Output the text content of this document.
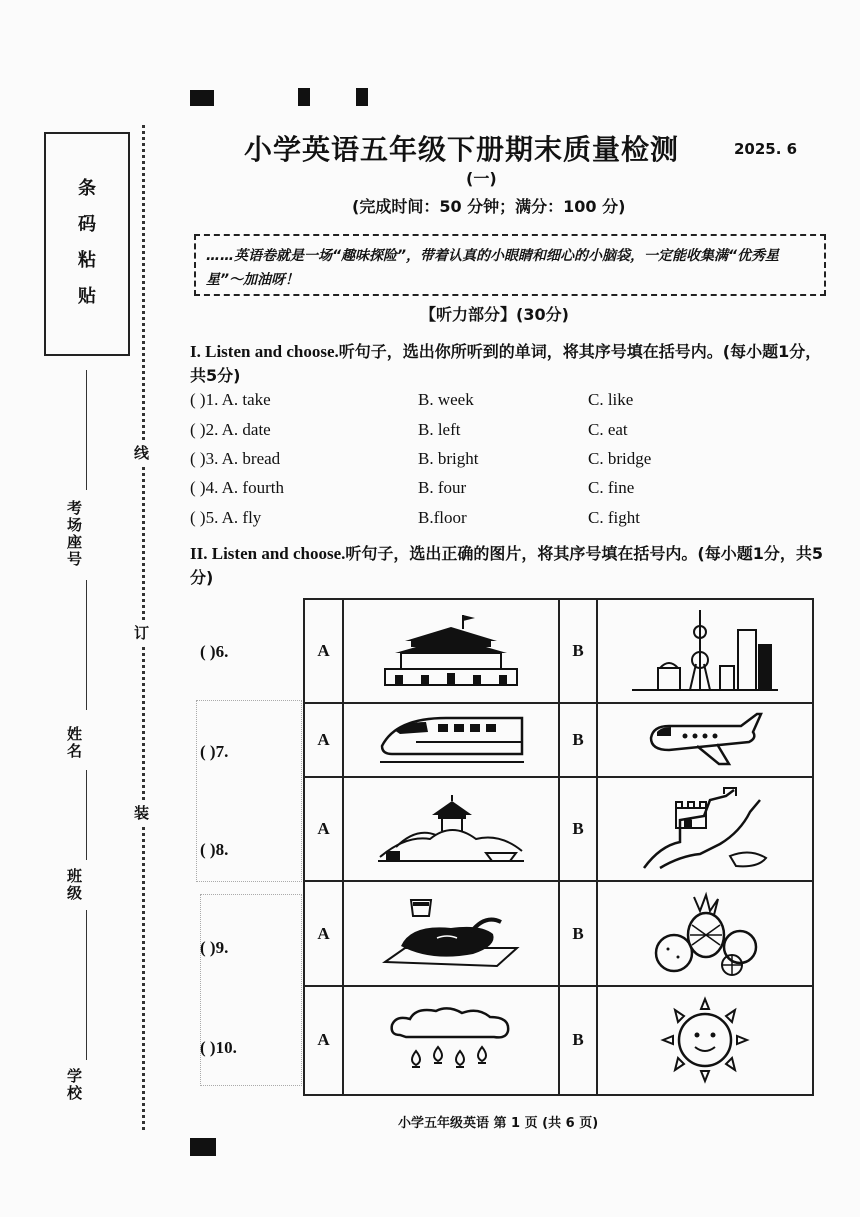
条
码
粘
贴
线
订
装
考场座号
姓名
班级
学校
小学英语五年级下册期末质量检测	2025. 6
(一)
(完成时间：50 分钟；满分：100 分)
……英语卷就是一场“趣味探险”，带着认真的小眼睛和细心的小脑袋，一定能收集满“优秀星星”～加油呀！
【听力部分】(30分)
I. Listen and choose.听句子，选出你所听到的单词，将其序号填在括号内。(每小题1分，共5分)
( )1. A. take	B. week	C. like
( )2. A. date	B. left	C. eat
( )3. A. bread	B. bright	C. bridge
( )4. A. fourth	B. four	C. fine
( )5. A. fly	B.floor	C. fight
II. Listen and choose.听句子，选出正确的图片，将其序号填在括号内。(每小题1分，共5分)
( )6.
( )7.
( )8.
( )9.
( )10.
A		B	

A		B	

A		B	

A		B	

A		B	
小学五年级英语 第 1 页 (共 6 页)
